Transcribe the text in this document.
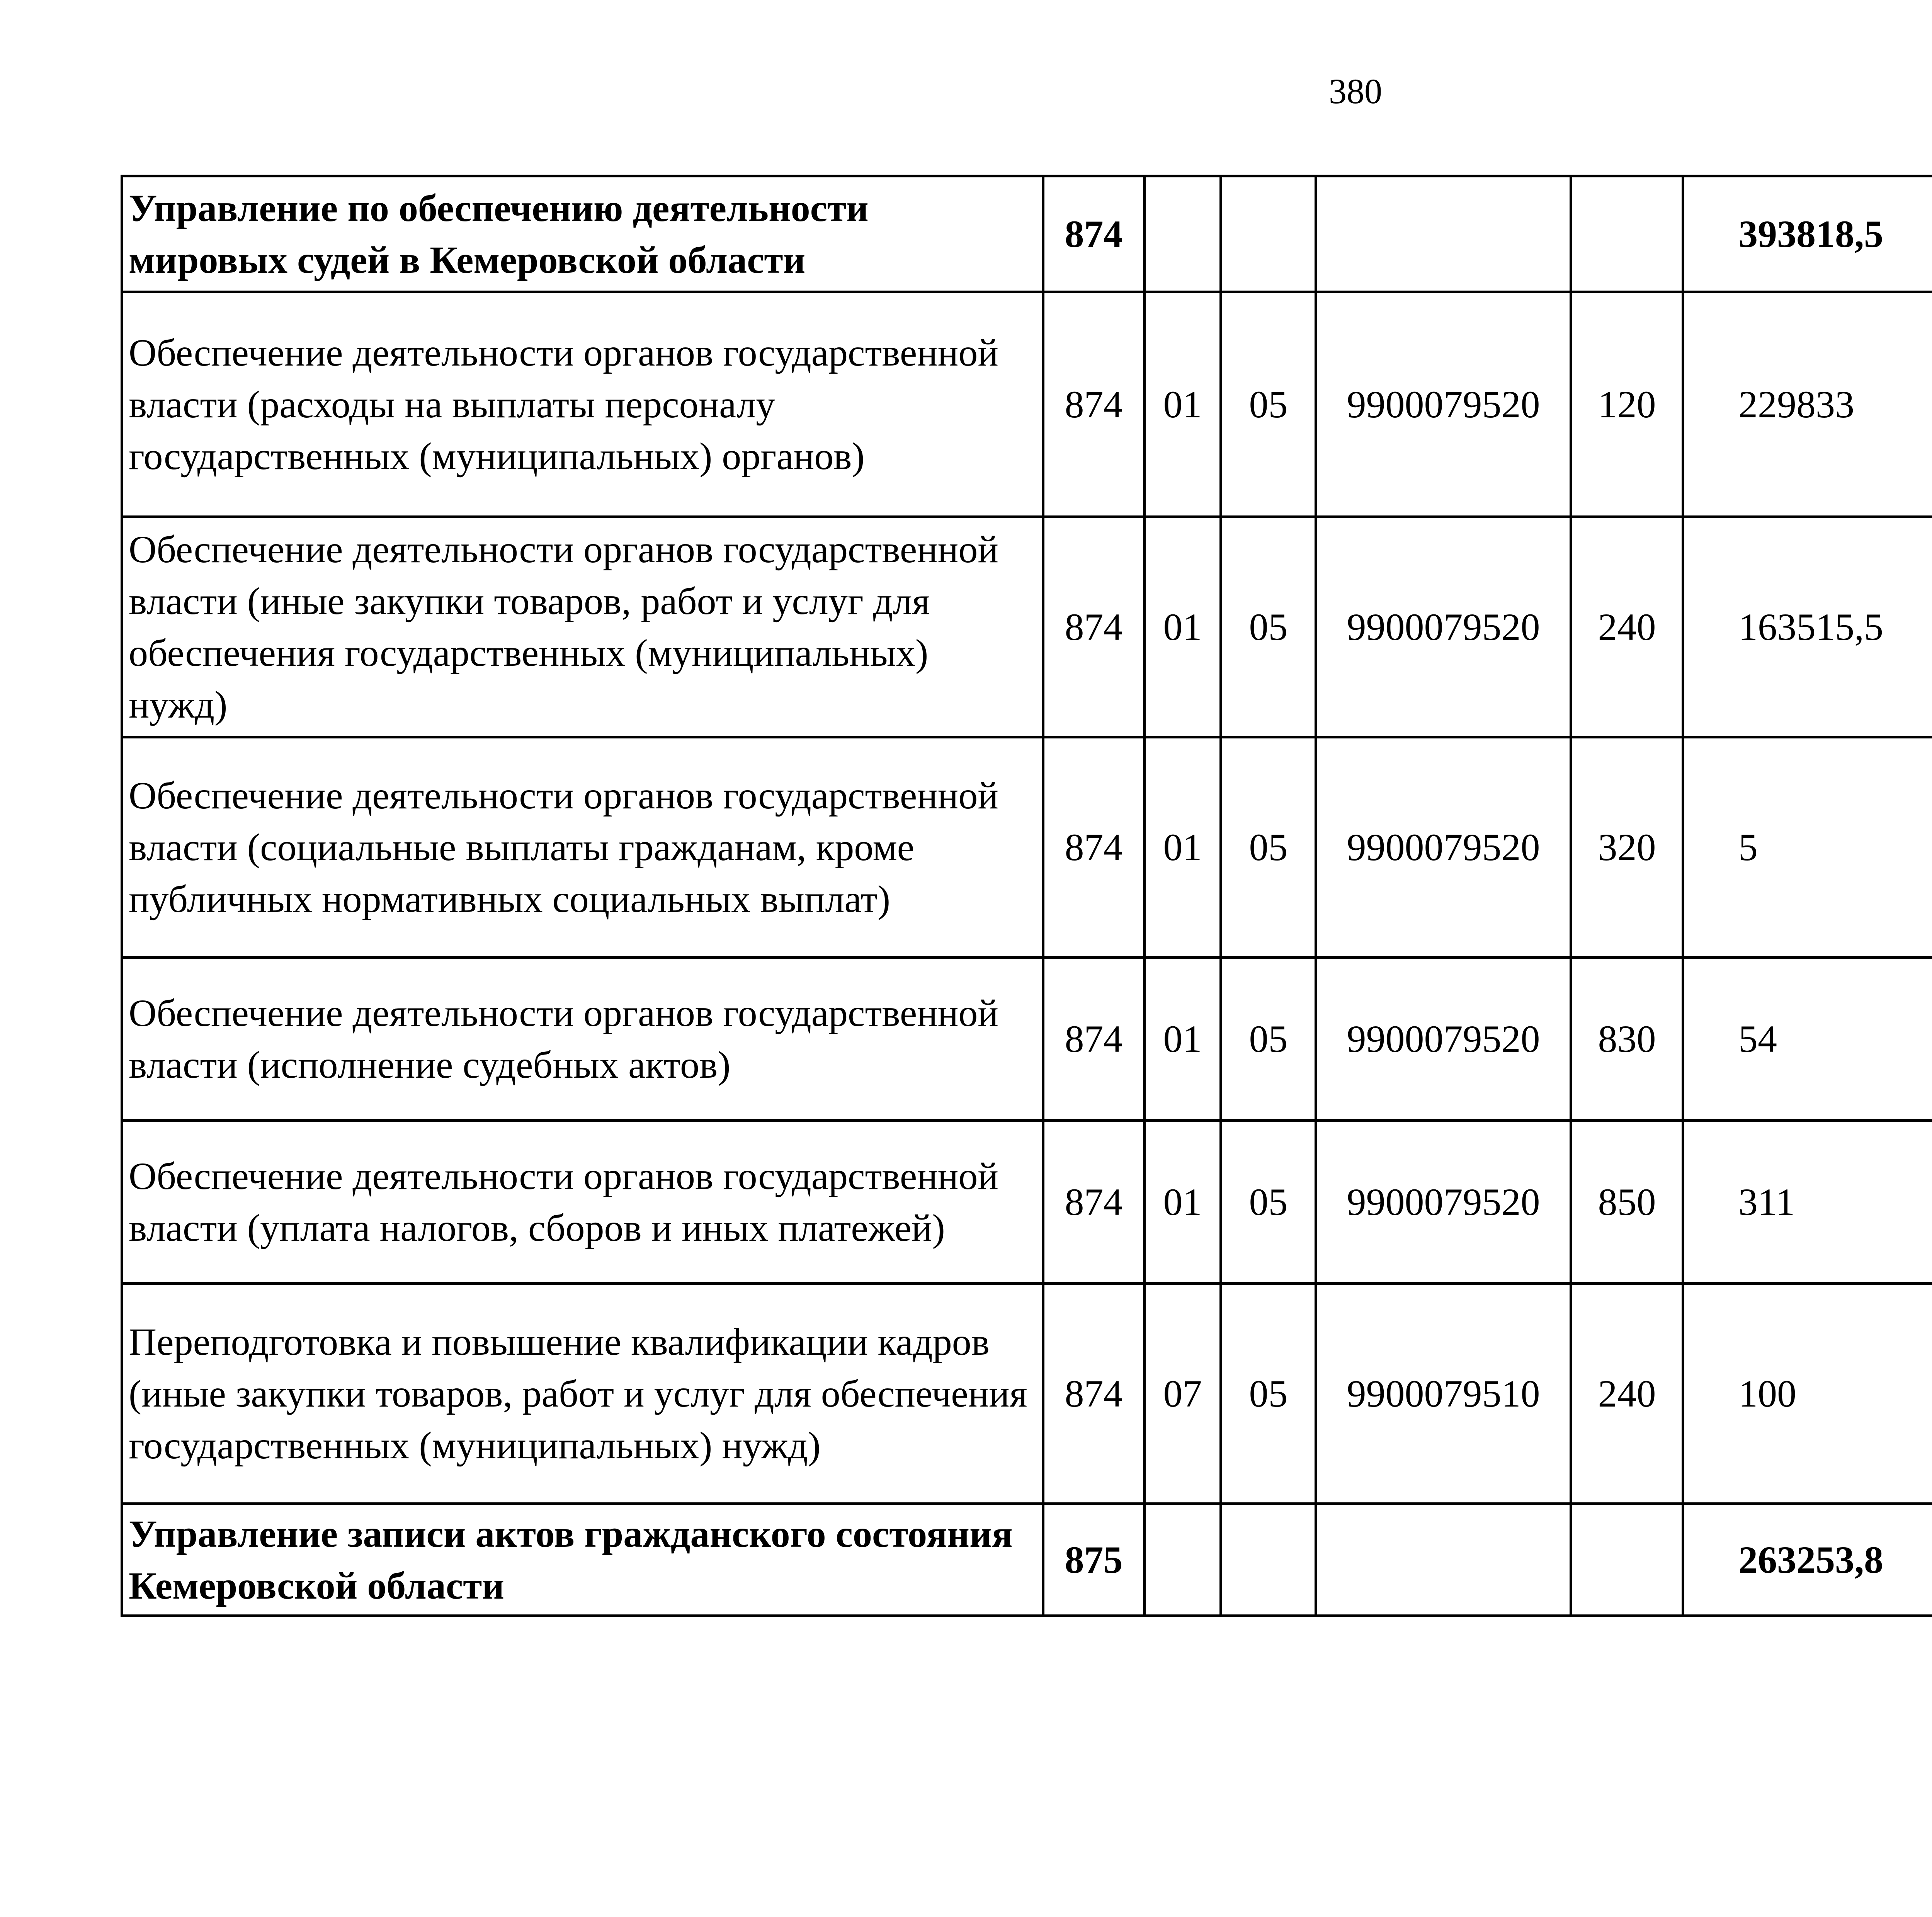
380
Управление по обеспечению деятельности мировых судей в Кемеровской области	874					393818,5		
Обеспечение деятельности органов государственной власти (расходы на выплаты персоналу государственных (муниципальных) органов)	874	01	05	9900079520	120	229833		
Обеспечение деятельности органов государственной власти (иные закупки товаров, работ и услуг для обеспечения государственных (муниципальных) нужд)	874	01	05	9900079520	240	163515,5		
Обеспечение деятельности органов государственной власти (социальные выплаты гражданам, кроме публичных нормативных социальных выплат)	874	01	05	9900079520	320	5		
Обеспечение деятельности органов государственной власти (исполнение судебных актов)	874	01	05	9900079520	830	54		
Обеспечение деятельности органов государственной власти (уплата налогов, сборов и иных платежей)	874	01	05	9900079520	850	311		
Переподготовка и повышение квалификации кадров (иные закупки товаров, работ и услуг для обеспечения государственных (муниципальных) нужд)	874	07	05	9900079510	240	100		
Управление записи актов гражданского состояния Кемеровской области	875					263253,8		
